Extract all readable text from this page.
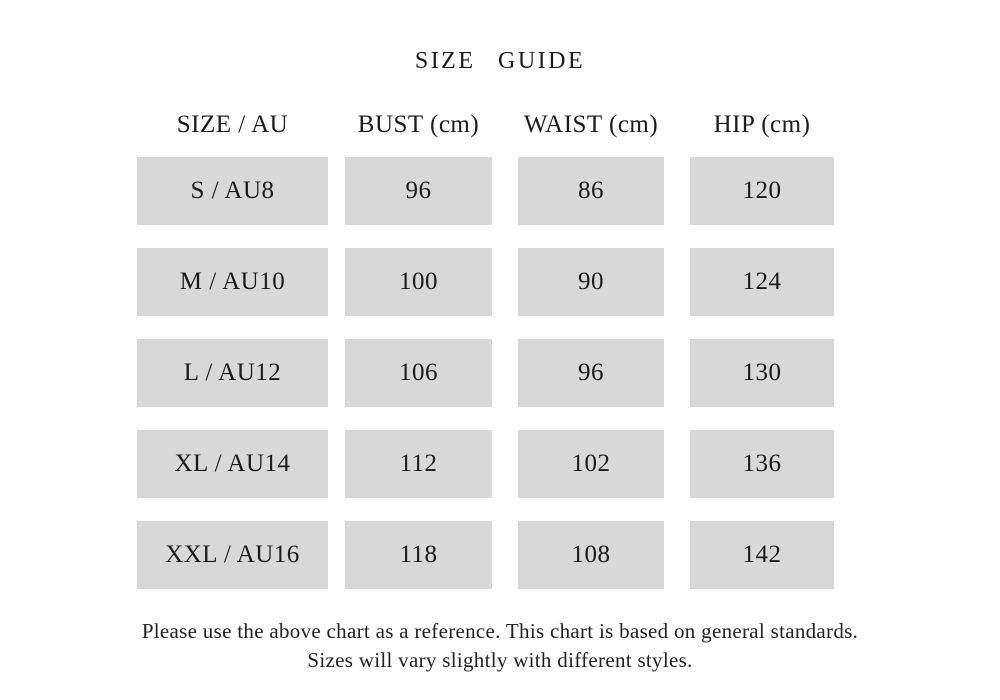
SIZE GUIDE
SIZE / AU	BUST (cm)	WAIST (cm)	HIP (cm)
S / AU8	96	86	120
M / AU10	100	90	124
L / AU12	106	96	130
XL / AU14	112	102	136
XXL / AU16	118	108	142
Please use the above chart as a reference. This chart is based on general standards.
Sizes will vary slightly with different styles.
